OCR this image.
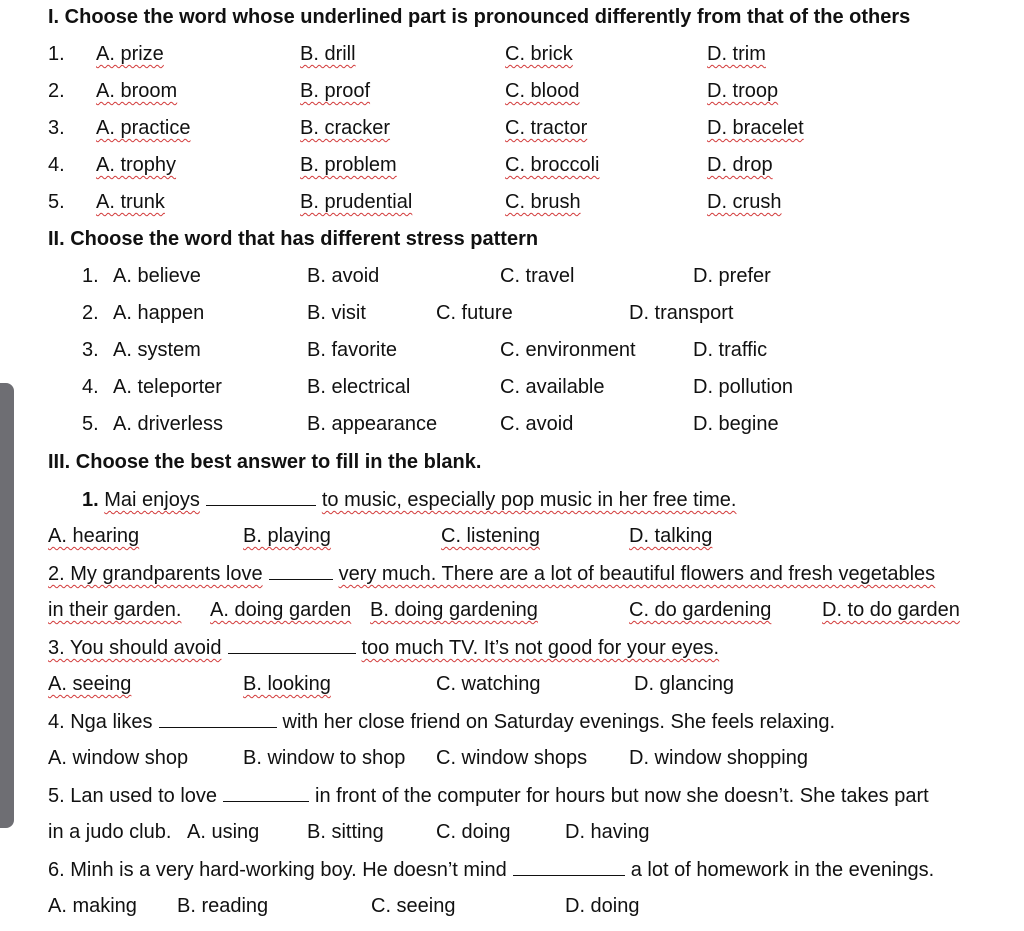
I. Choose the word whose underlined part is pronounced differently from that of the others
1. A. prize	B. drill	C. brick	D. trim
2. A. broom	B. proof	C. blood	D. troop
3. A. practice	B. cracker	C. tractor	D. bracelet
4. A. trophy	B. problem	C. broccoli	D. drop
5. A. trunk	B. prudential	C. brush	D. crush
II. Choose the word that has different stress pattern
1. A. believe	B. avoid	C. travel	D. prefer
2. A. happen	B. visit	C. future	D. transport
3. A. system	B. favorite	C. environment	D. traffic
4. A. teleporter	B. electrical	C. available	D. pollution
5. A. driverless	B. appearance	C. avoid	D. begine
III. Choose the best answer to fill in the blank.
1. Mai enjoys	to music, especially pop music in her free time.
A. hearing	B. playing	C. listening	D. talking
2. My grandparents love	very much. There are a lot of beautiful flowers and fresh vegetables
in their garden. A. doing garden B. doing gardening	C. do gardening	D. to do garden
3. You should avoid	too much TV. It’s not good for your eyes.
A. seeing	B. looking	C. watching	D. glancing
4. Nga likes	with her close friend on Saturday evenings. She feels relaxing.
A. window shop	B. window to shop C. window shops D. window shopping
5. Lan used to love	in front of the computer for hours but now she doesn’t. She takes part
in a judo club. A. using B. sitting	C. doing	D. having
6. Minh is a very hard-working boy. He doesn’t mind	a lot of homework in the evenings.
A. making B. reading	C. seeing	D. doing
